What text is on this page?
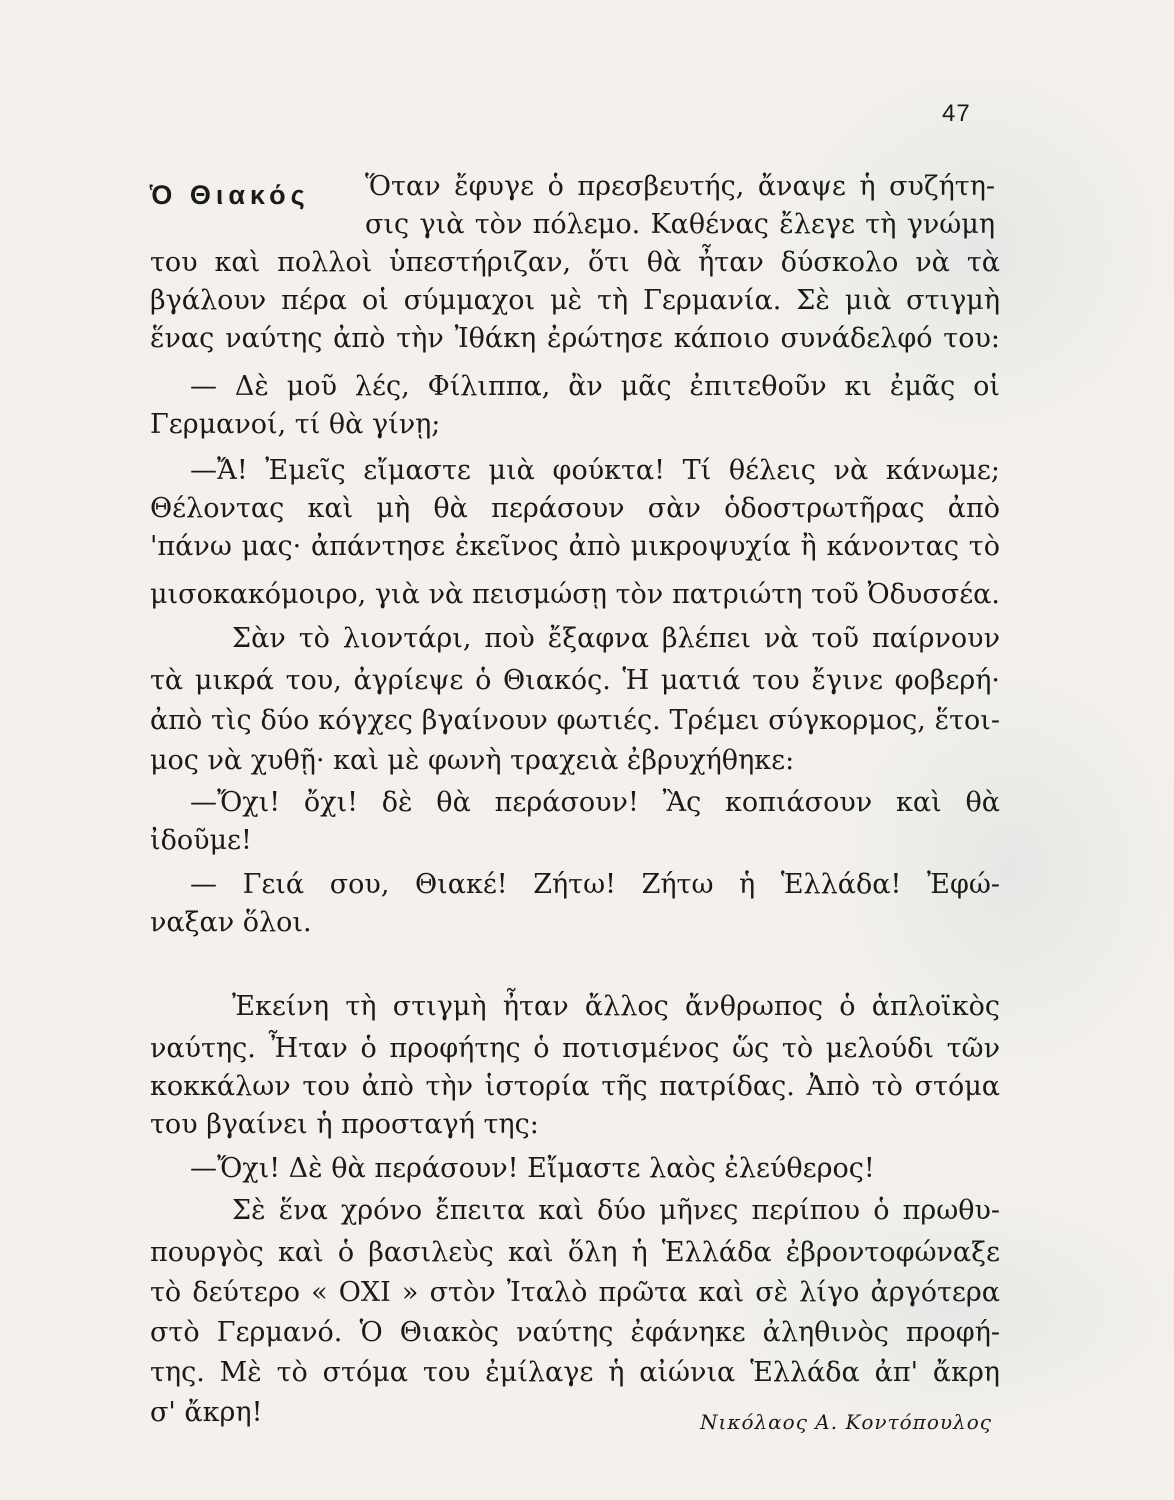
47
Ὁ Θιακός Ὅταν ἔφυγε ὁ πρεσβευτής, ἄναψε ἡ συζήτη-
σις γιὰ τὸν πόλεμο. Καθένας ἔλεγε τὴ γνώμη
του καὶ πολλοὶ ὑπεστήριζαν, ὅτι θὰ ἦταν δύσκολο νὰ τὰ
βγάλουν πέρα οἱ σύμμαχοι μὲ τὴ Γερμανία. Σὲ μιὰ στιγμὴ
ἕνας ναύτης ἀπὸ τὴν Ἰθάκη ἐρώτησε κάποιο συνάδελφό του:
— Δὲ μοῦ λές, Φίλιππα, ἂν μᾶς ἐπιτεθοῦν κι ἐμᾶς οἱ
Γερμανοί, τί θὰ γίνῃ;
—Ἄ! Ἐμεῖς εἴμαστε μιὰ φούκτα! Τί θέλεις νὰ κάνωμε;
Θέλοντας καὶ μὴ θὰ περάσουν σὰν ὁδοστρωτῆρας ἀπὸ
'πάνω μας· ἀπάντησε ἐκεῖνος ἀπὸ μικροψυχία ἢ κάνοντας τὸ
μισοκακόμοιρο, γιὰ νὰ πεισμώσῃ τὸν πατριώτη τοῦ Ὀδυσσέα.
Σὰν τὸ λιοντάρι, ποὺ ἔξαφνα βλέπει νὰ τοῦ παίρνουν
τὰ μικρά του, ἀγρίεψε ὁ Θιακός. Ἡ ματιά του ἔγινε φοβερή·
ἀπὸ τὶς δύο κόγχες βγαίνουν φωτιές. Τρέμει σύγκορμος, ἕτοι-
μος νὰ χυθῇ· καὶ μὲ φωνὴ τραχειὰ ἐβρυχήθηκε:
—Ὄχι! ὄχι! δὲ θὰ περάσουν! Ἂς κοπιάσουν καὶ θὰ
ἰδοῦμε!
— Γειά σου, Θιακέ! Ζήτω! Ζήτω ἡ Ἑλλάδα! Ἐφώ-
ναξαν ὅλοι.
Ἐκείνη τὴ στιγμὴ ἦταν ἄλλος ἄνθρωπος ὁ ἁπλοϊκὸς
ναύτης. Ἦταν ὁ προφήτης ὁ ποτισμένος ὥς τὸ μελούδι τῶν
κοκκάλων του ἀπὸ τὴν ἱστορία τῆς πατρίδας. Ἀπὸ τὸ στόμα
του βγαίνει ἡ προσταγή της:
—Ὄχι! Δὲ θὰ περάσουν! Εἴμαστε λαὸς ἐλεύθερος!
Σὲ ἕνα χρόνο ἔπειτα καὶ δύο μῆνες περίπου ὁ πρωθυ-
πουργὸς καὶ ὁ βασιλεὺς καὶ ὅλη ἡ Ἑλλάδα ἐβροντοφώναξε
τὸ δεύτερο « ΟΧΙ » στὸν Ἰταλὸ πρῶτα καὶ σὲ λίγο ἀργότερα
στὸ Γερμανό. Ὁ Θιακὸς ναύτης ἐφάνηκε ἀληθινὸς προφή-
της. Μὲ τὸ στόμα του ἐμίλαγε ἡ αἰώνια Ἑλλάδα ἀπ' ἄκρη
σ' ἄκρη!	Νικόλαος Α. Κοντόπουλος
